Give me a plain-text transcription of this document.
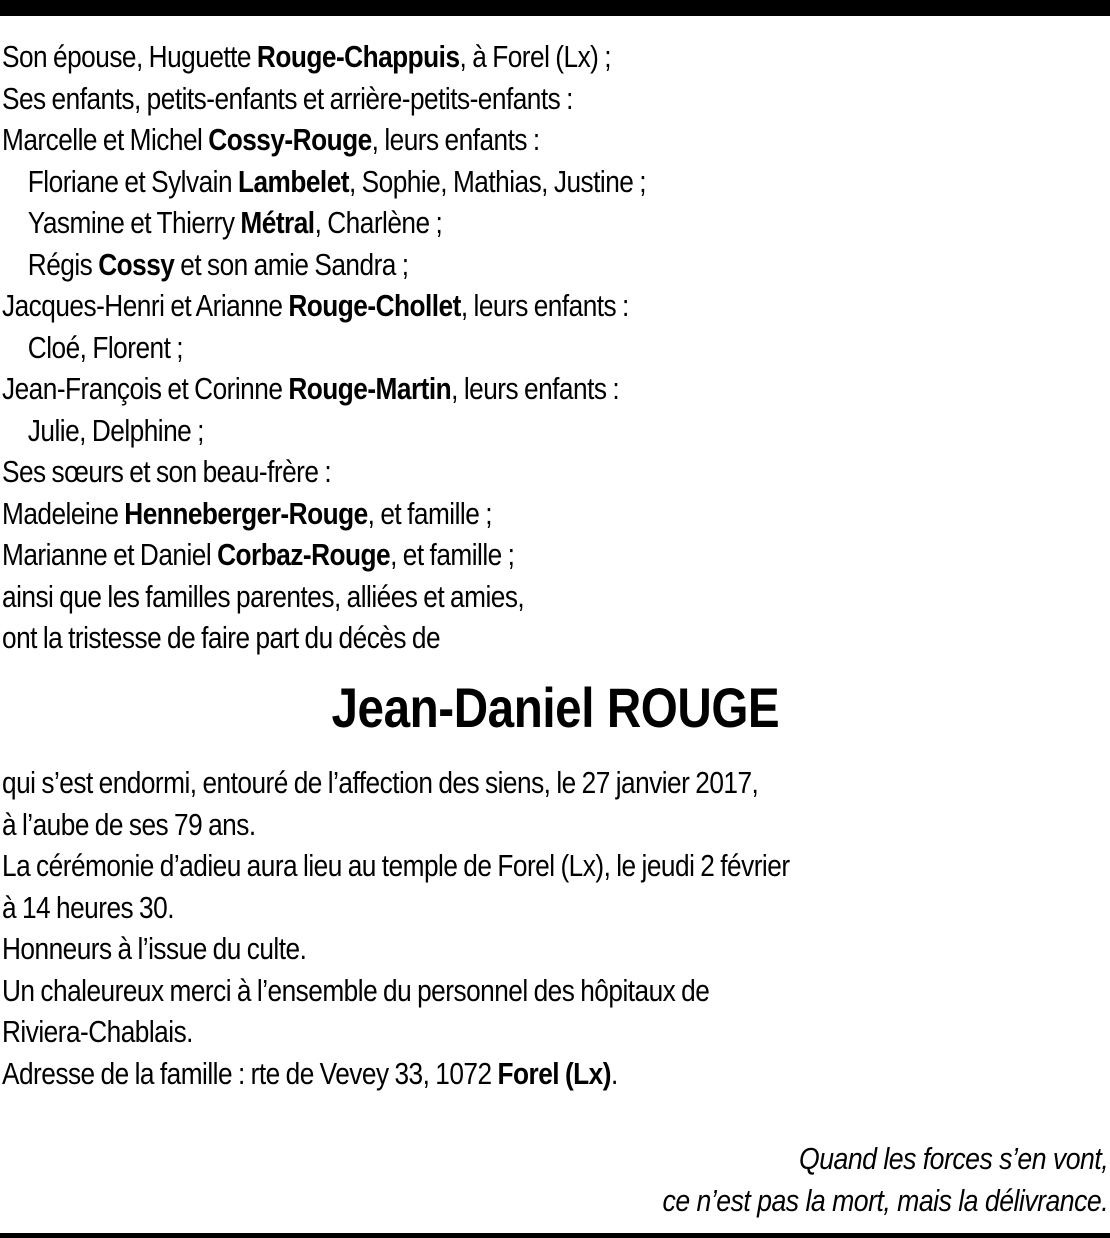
Son épouse, Huguette Rouge-Chappuis, à Forel (Lx) ;
Ses enfants, petits-enfants et arrière-petits-enfants :
Marcelle et Michel Cossy-Rouge, leurs enfants :
Floriane et Sylvain Lambelet, Sophie, Mathias, Justine ;
Yasmine et Thierry Métral, Charlène ;
Régis Cossy et son amie Sandra ;
Jacques-Henri et Arianne Rouge-Chollet, leurs enfants :
Cloé, Florent ;
Jean-François et Corinne Rouge-Martin, leurs enfants :
Julie, Delphine ;
Ses sœurs et son beau-frère :
Madeleine Henneberger-Rouge, et famille ;
Marianne et Daniel Corbaz-Rouge, et famille ;
ainsi que les familles parentes, alliées et amies,
ont la tristesse de faire part du décès de
Jean-Daniel ROUGE
qui s’est endormi, entouré de l’affection des siens, le 27 janvier 2017,
à l’aube de ses 79 ans.
La cérémonie d’adieu aura lieu au temple de Forel (Lx), le jeudi 2 février
à 14 heures 30.
Honneurs à l’issue du culte.
Un chaleureux merci à l’ensemble du personnel des hôpitaux de
Riviera-Chablais.
Adresse de la famille : rte de Vevey 33, 1072 Forel (Lx).
Quand les forces s’en vont,
ce n’est pas la mort, mais la délivrance.
